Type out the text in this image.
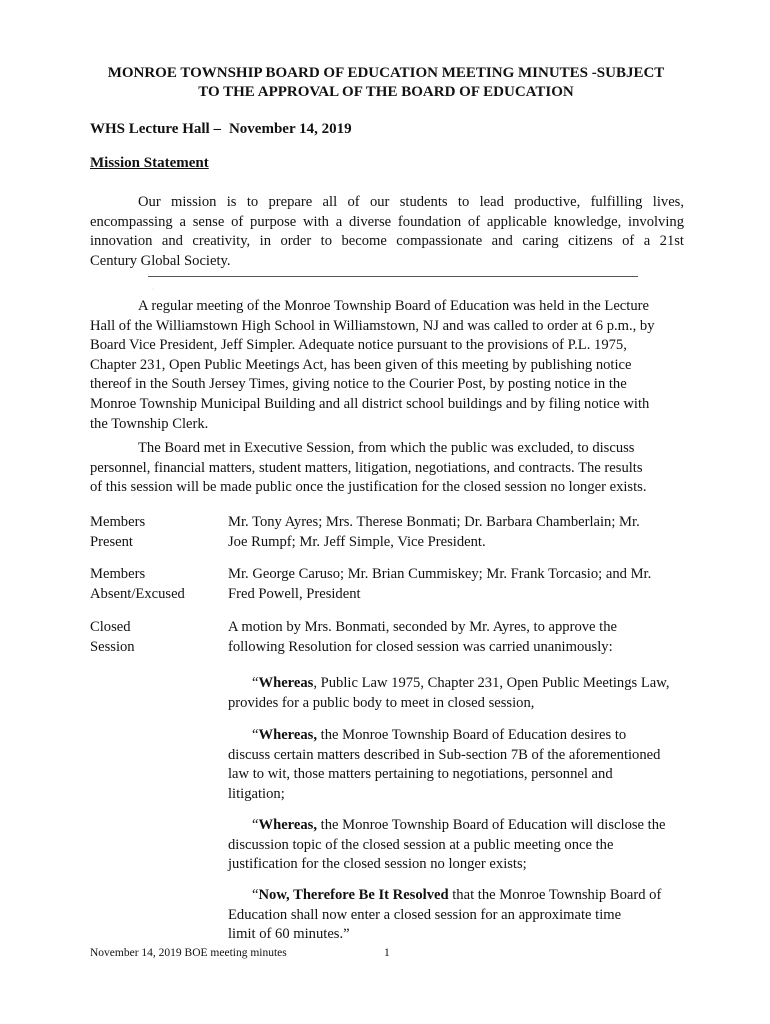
MONROE TOWNSHIP BOARD OF EDUCATION MEETING MINUTES -SUBJECT
TO THE APPROVAL OF THE BOARD OF EDUCATION
WHS Lecture Hall – November 14, 2019
Mission Statement
Our mission is to prepare all of our students to lead productive, fulfilling lives,
encompassing a sense of purpose with a diverse foundation of applicable knowledge, involving
innovation and creativity, in order to become compassionate and caring citizens of a 21st
Century Global Society.
·
A regular meeting of the Monroe Township Board of Education was held in the Lecture
Hall of the Williamstown High School in Williamstown, NJ and was called to order at 6 p.m., by
Board Vice President, Jeff Simpler. Adequate notice pursuant to the provisions of P.L. 1975,
Chapter 231, Open Public Meetings Act, has been given of this meeting by publishing notice
thereof in the South Jersey Times, giving notice to the Courier Post, by posting notice in the
Monroe Township Municipal Building and all district school buildings and by filing notice with
the Township Clerk.
The Board met in Executive Session, from which the public was excluded, to discuss
personnel, financial matters, student matters, litigation, negotiations, and contracts. The results
of this session will be made public once the justification for the closed session no longer exists.
Members
Present
Mr. Tony Ayres; Mrs. Therese Bonmati; Dr. Barbara Chamberlain; Mr.
Joe Rumpf; Mr. Jeff Simple, Vice President.
Members
Absent/Excused
Mr. George Caruso; Mr. Brian Cummiskey; Mr. Frank Torcasio; and Mr.
Fred Powell, President
Closed
Session
A motion by Mrs. Bonmati, seconded by Mr. Ayres, to approve the
following Resolution for closed session was carried unanimously:
“Whereas, Public Law 1975, Chapter 231, Open Public Meetings Law,
provides for a public body to meet in closed session,
“Whereas, the Monroe Township Board of Education desires to
discuss certain matters described in Sub-section 7B of the aforementioned
law to wit, those matters pertaining to negotiations, personnel and
litigation;
“Whereas, the Monroe Township Board of Education will disclose the
discussion topic of the closed session at a public meeting once the
justification for the closed session no longer exists;
“Now, Therefore Be It Resolved that the Monroe Township Board of
Education shall now enter a closed session for an approximate time
limit of 60 minutes.”
November 14, 2019 BOE meeting minutes	1
